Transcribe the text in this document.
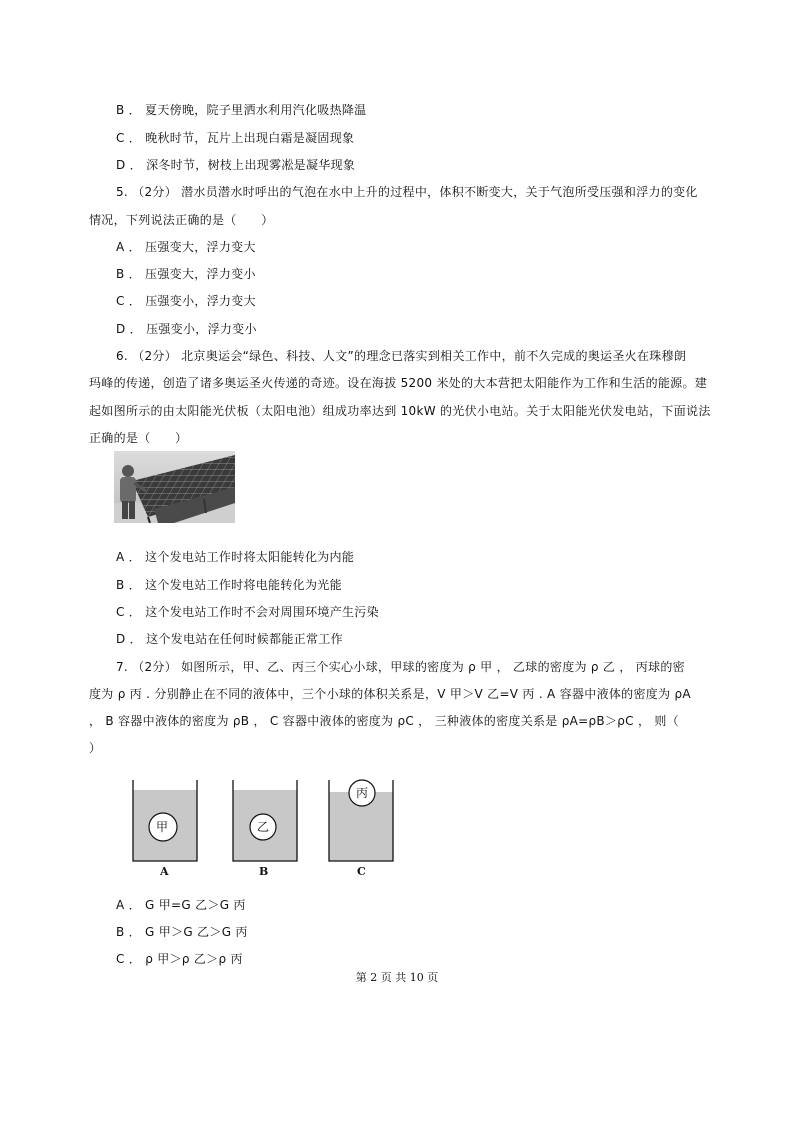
B ． 夏天傍晚，院子里洒水利用汽化吸热降温
C ． 晚秋时节，瓦片上出现白霜是凝固现象
D ． 深冬时节，树枝上出现雾凇是凝华现象
5. （2分） 潜水员潜水时呼出的气泡在水中上升的过程中，体积不断变大，关于气泡所受压强和浮力的变化
情况，下列说法正确的是（　　）
A ． 压强变大，浮力变大
B ． 压强变大，浮力变小
C ． 压强变小，浮力变大
D ． 压强变小，浮力变小
6. （2分） 北京奥运会“绿色、科技、人文”的理念已落实到相关工作中，前不久完成的奥运圣火在珠穆朗
玛峰的传递，创造了诸多奥运圣火传递的奇迹。设在海拔 5200 米处的大本营把太阳能作为工作和生活的能源。建
起如图所示的由太阳能光伏板（太阳电池）组成功率达到 10kW 的光伏小电站。关于太阳能光伏发电站，下面说法
正确的是（　　）
A ． 这个发电站工作时将太阳能转化为内能
B ． 这个发电站工作时将电能转化为光能
C ． 这个发电站工作时不会对周围环境产生污染
D ． 这个发电站在任何时候都能正常工作
7. （2分） 如图所示，甲、乙、丙三个实心小球，甲球的密度为 ρ 甲 ， 乙球的密度为 ρ 乙 ， 丙球的密
度为 ρ 丙 . 分别静止在不同的液体中，三个小球的体积关系是，V 甲＞V 乙=V 丙 . A 容器中液体的密度为 ρA
， B 容器中液体的密度为 ρB ， C 容器中液体的密度为 ρC ， 三种液体的密度关系是 ρA=ρB＞ρC ， 则（
）
甲	乙
丙
A	B	C
A ． G 甲=G 乙＞G 丙
B ． G 甲＞G 乙＞G 丙
C ． ρ 甲＞ρ 乙＞ρ 丙
第 2 页 共 10 页
